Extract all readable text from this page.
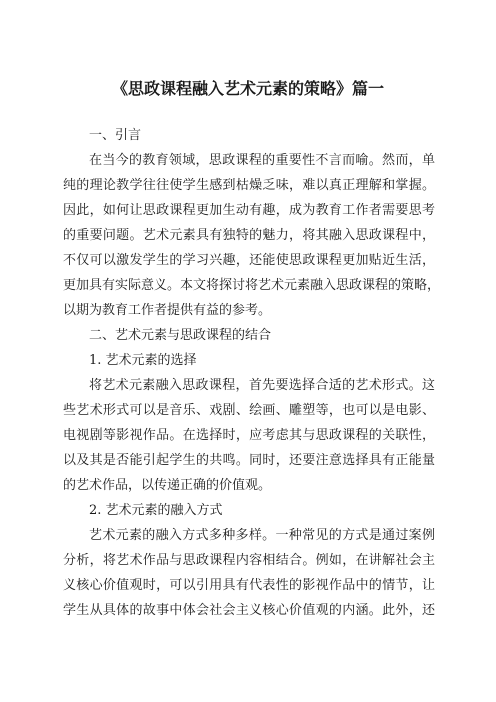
《思政课程融入艺术元素的策略》篇一
一、引言
在当今的教育领域，思政课程的重要性不言而喻。然而，单
纯的理论教学往往使学生感到枯燥乏味，难以真正理解和掌握。
因此，如何让思政课程更加生动有趣，成为教育工作者需要思考
的重要问题。艺术元素具有独特的魅力，将其融入思政课程中，
不仅可以激发学生的学习兴趣，还能使思政课程更加贴近生活，
更加具有实际意义。本文将探讨将艺术元素融入思政课程的策略，
以期为教育工作者提供有益的参考。
二、艺术元素与思政课程的结合
1. 艺术元素的选择
将艺术元素融入思政课程，首先要选择合适的艺术形式。这
些艺术形式可以是音乐、戏剧、绘画、雕塑等，也可以是电影、
电视剧等影视作品。在选择时，应考虑其与思政课程的关联性，
以及其是否能引起学生的共鸣。同时，还要注意选择具有正能量
的艺术作品，以传递正确的价值观。
2. 艺术元素的融入方式
艺术元素的融入方式多种多样。一种常见的方式是通过案例
分析，将艺术作品与思政课程内容相结合。例如，在讲解社会主
义核心价值观时，可以引用具有代表性的影视作品中的情节，让
学生从具体的故事中体会社会主义核心价值观的内涵。此外，还
